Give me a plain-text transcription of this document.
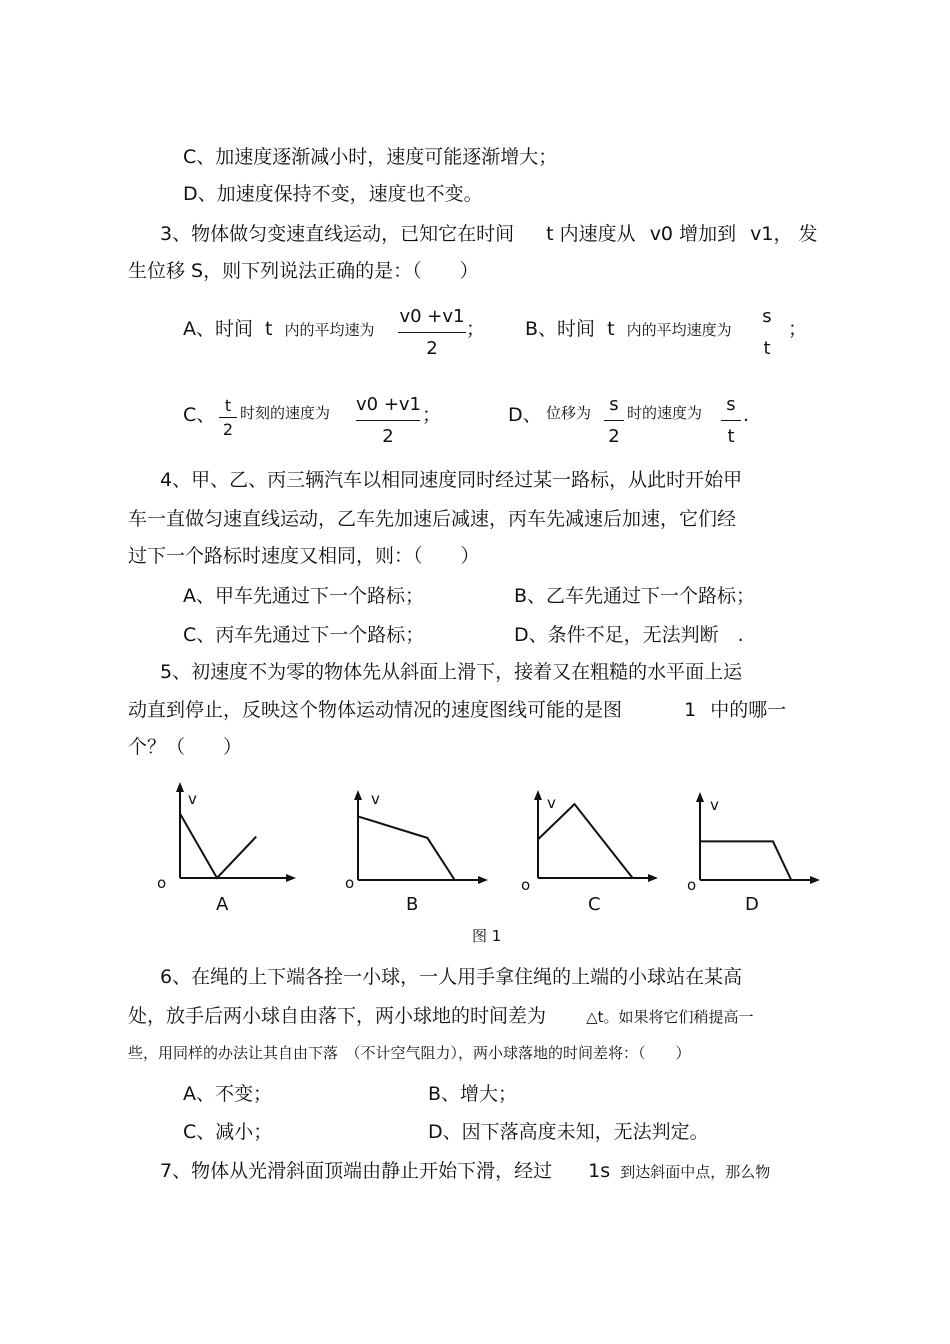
C、加速度逐渐减小时，速度可能逐渐增大；
D、加速度保持不变，速度也不变。
3、物体做匀变速直线运动，已知它在时间 t 内速度从 v0 增加到 v1， 发
生位移 S，则下列说法正确的是：（　　）
A、时间 t 内的平均速为
v0 +v1
2
； B、时间 t 内的平均速度为
s
t
；
C、 t
2
时刻的速度为 v0 +v1
2
；	D、 位移为 s
2
时的速度为 s
t
.
4、甲、乙、丙三辆汽车以相同速度同时经过某一路标，从此时开始甲
车一直做匀速直线运动，乙车先加速后减速，丙车先减速后加速，它们经
过下一个路标时速度又相同，则：（　　）
A、甲车先通过下一个路标；	B、乙车先通过下一个路标；
C、丙车先通过下一个路标；	D、条件不足，无法判断　.
5、初速度不为零的物体先从斜面上滑下，接着又在粗糙的水平面上运
动直到停止，反映这个物体运动情况的速度图线可能的是图	1 中的哪一
个？（　　）
v
o
A
v
o
B
v
o
C
v
o
D
图 1
6、在绳的上下端各拴一小球，一人用手拿住绳的上端的小球站在某高
处，放手后两小球自由落下，两小球地的时间差为	△t。如果将它们稍提高一
些，用同样的办法让其自由下落　（不计空气阻力），两小球落地的时间差将：（　　）
A、不变；	B、增大；
C、减小；	D、因下落高度未知，无法判定。
7、物体从光滑斜面顶端由静止开始下滑，经过 1s 到达斜面中点，那么物
